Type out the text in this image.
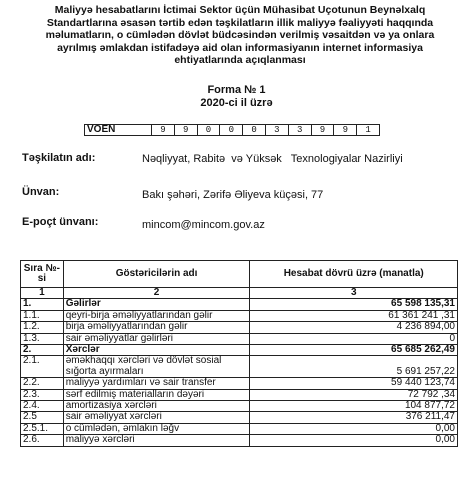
Maliyyə hesabatlarını İctimai Sektor üçün Mühasibat Uçotunun Beynəlxalq
Standartlarına əsasən tərtib edən təşkilatların illik maliyyə fəaliyyəti haqqında
məlumatların, o cümlədən dövlət büdcəsindən verilmiş vəsaitdən və ya onlara
ayrılmış əmlakdan istifadəyə aid olan informasiyanın internet informasiya
ehtiyatlarında açıqlanması
Forma № 1
2020-ci il üzrə
VOEN	9	9	0	0	0	3	3	9	9	1
Təşkilatın adı:	Nəqliyyat, Rabitə  və Yüksək   Texnologiyalar Nazirliyi
Ünvan:	Bakı şəhəri, Zərifə Əliyeva küçəsi, 77
E-poçt ünvanı:	mincom@mincom.gov.az
Sıra №-si	Göstəricilərin adı	Hesabat dövrü üzrə (manatla)
1	2	3
1.	Gəlirlər	65 598 135,31
1.1.	qeyri-birja əməliyyatlarından gəlir	61 361 241 ,31
1.2.	birja əməliyyatlarından gəlir	4 236 894,00
1.3.	sair əməliyyatlar gəlirləri	0
2.	Xərclər	65 685 262,49
2.1.	əməkhaqqı xərcləri və dövlət sosial sığorta ayırmaları	5 691 257,22
2.2.	maliyyə yardımları və sair transfer	59 440 123,74
2.3.	sərf edilmiş materialların dəyəri	72 792 ,34
2.4.	amortizasiya xərcləri	104 877,72
2.5	sair əməliyyat xərcləri	376 211,47
2.5.1.	o cümlədən, əmlakın ləğv	0,00
2.6.	maliyyə xərcləri	0,00
